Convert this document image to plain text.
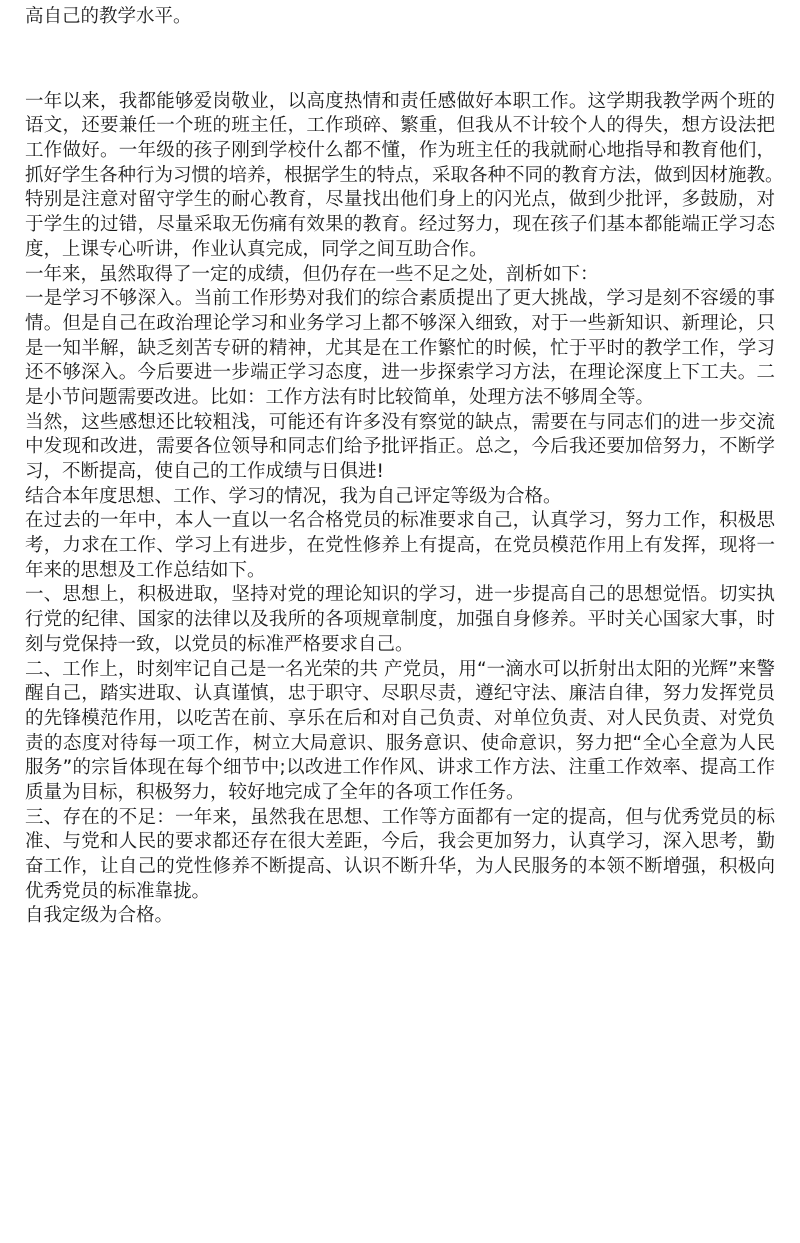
高自己的教学水平。
一年以来，我都能够爱岗敬业，以高度热情和责任感做好本职工作。这学期我教学两个班的
语文，还要兼任一个班的班主任，工作琐碎、繁重，但我从不计较个人的得失，想方设法把
工作做好。一年级的孩子刚到学校什么都不懂，作为班主任的我就耐心地指导和教育他们，
抓好学生各种行为习惯的培养，根据学生的特点，采取各种不同的教育方法，做到因材施教。
特别是注意对留守学生的耐心教育，尽量找出他们身上的闪光点，做到少批评，多鼓励，对
于学生的过错，尽量采取无伤痛有效果的教育。经过努力，现在孩子们基本都能端正学习态
度，上课专心听讲，作业认真完成，同学之间互助合作。
一年来，虽然取得了一定的成绩，但仍存在一些不足之处，剖析如下：
一是学习不够深入。当前工作形势对我们的综合素质提出了更大挑战，学习是刻不容缓的事
情。但是自己在政治理论学习和业务学习上都不够深入细致，对于一些新知识、新理论，只
是一知半解，缺乏刻苦专研的精神，尤其是在工作繁忙的时候，忙于平时的教学工作，学习
还不够深入。今后要进一步端正学习态度，进一步探索学习方法，在理论深度上下工夫。二
是小节问题需要改进。比如：工作方法有时比较简单，处理方法不够周全等。
当然，这些感想还比较粗浅，可能还有许多没有察觉的缺点，需要在与同志们的进一步交流
中发现和改进，需要各位领导和同志们给予批评指正。总之，今后我还要加倍努力，不断学
习，不断提高，使自己的工作成绩与日俱进!
结合本年度思想、工作、学习的情况，我为自己评定等级为合格。
在过去的一年中，本人一直以一名合格党员的标准要求自己，认真学习，努力工作，积极思
考，力求在工作、学习上有进步，在党性修养上有提高，在党员模范作用上有发挥，现将一
年来的思想及工作总结如下。
一、思想上，积极进取，坚持对党的理论知识的学习，进一步提高自己的思想觉悟。切实执
行党的纪律、国家的法律以及我所的各项规章制度，加强自身修养。平时关心国家大事，时
刻与党保持一致，以党员的标准严格要求自己。
二、工作上，时刻牢记自己是一名光荣的共 产党员，用“一滴水可以折射出太阳的光辉”来警
醒自己，踏实进取、认真谨慎，忠于职守、尽职尽责，遵纪守法、廉洁自律，努力发挥党员
的先锋模范作用，以吃苦在前、享乐在后和对自己负责、对单位负责、对人民负责、对党负
责的态度对待每一项工作，树立大局意识、服务意识、使命意识，努力把“全心全意为人民
服务”的宗旨体现在每个细节中;以改进工作作风、讲求工作方法、注重工作效率、提高工作
质量为目标，积极努力，较好地完成了全年的各项工作任务。
三、存在的不足：一年来，虽然我在思想、工作等方面都有一定的提高，但与优秀党员的标
准、与党和人民的要求都还存在很大差距，今后，我会更加努力，认真学习，深入思考，勤
奋工作，让自己的党性修养不断提高、认识不断升华，为人民服务的本领不断增强，积极向
优秀党员的标准靠拢。
自我定级为合格。
